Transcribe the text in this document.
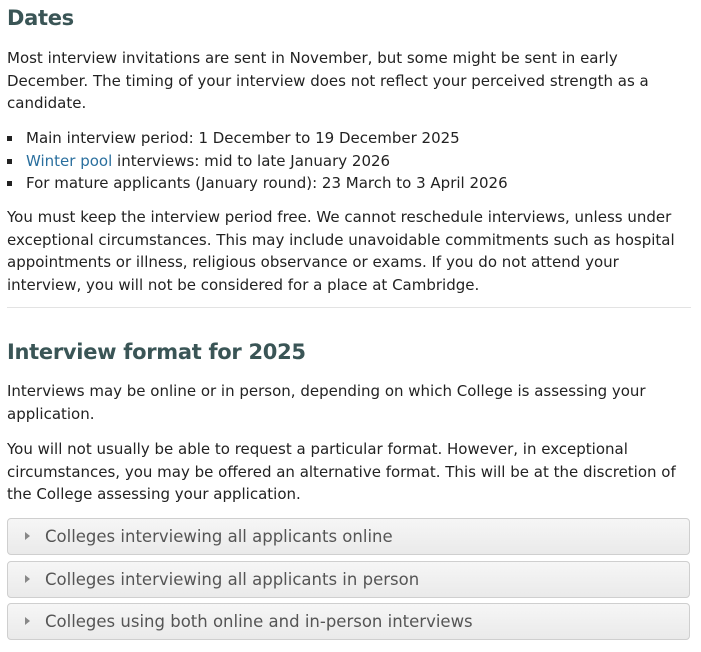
Dates

Most interview invitations are sent in November, but some might be sent in early December. The timing of your interview does not reflect your perceived strength as a candidate.

Main interview period: 1 December to 19 December 2025
Winter pool interviews: mid to late January 2026
For mature applicants (January round): 23 March to 3 April 2026

You must keep the interview period free. We cannot reschedule interviews, unless under exceptional circumstances. This may include unavoidable commitments such as hospital appointments or illness, religious observance or exams. If you do not attend your interview, you will not be considered for a place at Cambridge.

Interview format for 2025

Interviews may be online or in person, depending on which College is assessing your application.

You will not usually be able to request a particular format. However, in exceptional circumstances, you may be offered an alternative format. This will be at the discretion of the College assessing your application.

Colleges interviewing all applicants online
Colleges interviewing all applicants in person
Colleges using both online and in-person interviews
